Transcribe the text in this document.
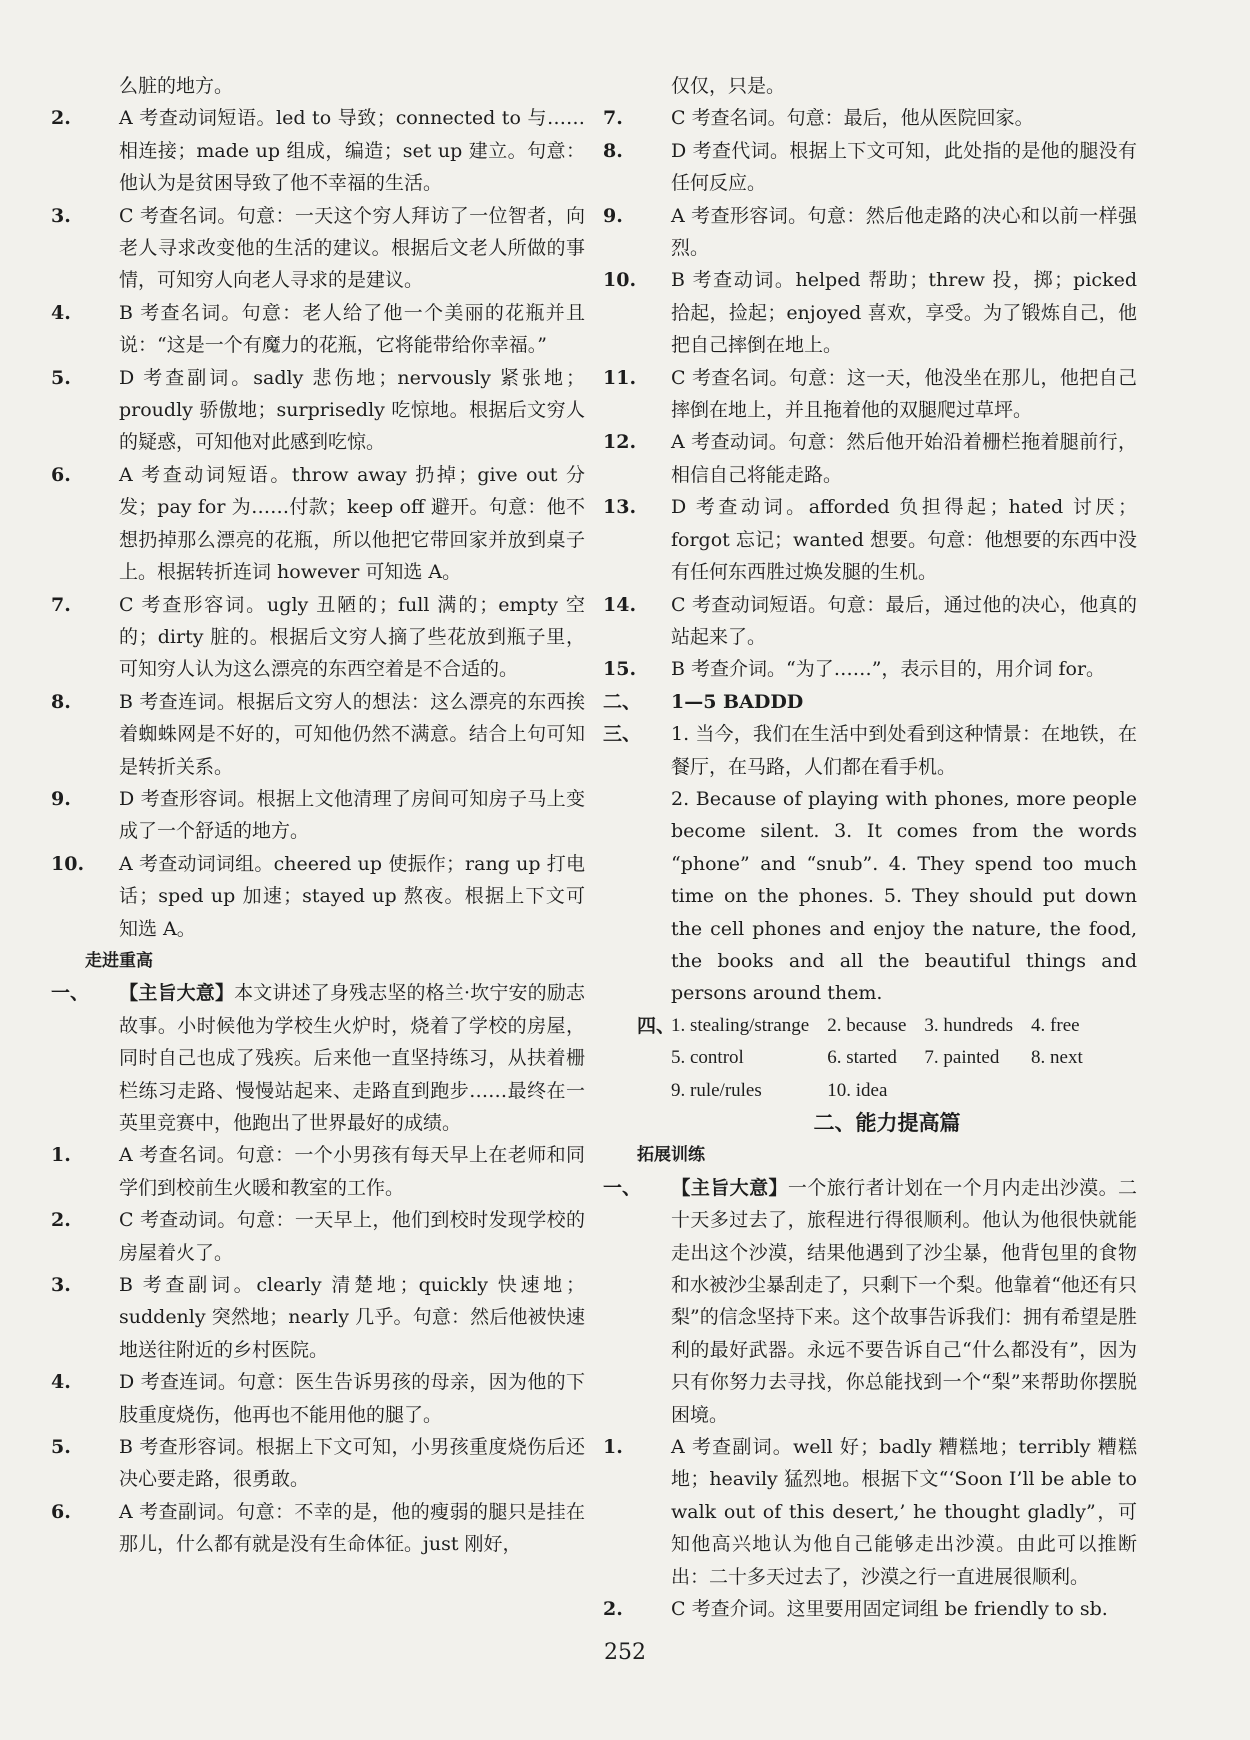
么脏的地方。

2.	A 考查动词短语。led to 导致；connected to 与……相连接；made up 组成，编造；set up 建立。句意：他认为是贫困导致了他不幸福的生活。

3.	C 考查名词。句意：一天这个穷人拜访了一位智者，向老人寻求改变他的生活的建议。根据后文老人所做的事情，可知穷人向老人寻求的是建议。

4.	B 考查名词。句意：老人给了他一个美丽的花瓶并且说：“这是一个有魔力的花瓶，它将能带给你幸福。”

5.	D 考查副词。sadly 悲伤地；nervously 紧张地；proudly 骄傲地；surprisedly 吃惊地。根据后文穷人的疑惑，可知他对此感到吃惊。

6.	A 考查动词短语。throw away 扔掉；give out 分发；pay for 为……付款；keep off 避开。句意：他不想扔掉那么漂亮的花瓶，所以他把它带回家并放到桌子上。根据转折连词 however 可知选 A。

7.	C 考查形容词。ugly 丑陋的；full 满的；empty 空的；dirty 脏的。根据后文穷人摘了些花放到瓶子里，可知穷人认为这么漂亮的东西空着是不合适的。

8.	B 考查连词。根据后文穷人的想法：这么漂亮的东西挨着蜘蛛网是不好的，可知他仍然不满意。结合上句可知是转折关系。

9.	D 考查形容词。根据上文他清理了房间可知房子马上变成了一个舒适的地方。

10. A 考查动词词组。cheered up 使振作；rang up 打电话；sped up 加速；stayed up 熬夜。根据上下文可知选 A。

走进重高

一、 【主旨大意】本文讲述了身残志坚的格兰·坎宁安的励志故事。小时候他为学校生火炉时，烧着了学校的房屋，同时自己也成了残疾。后来他一直坚持练习，从扶着栅栏练习走路、慢慢站起来、走路直到跑步……最终在一英里竞赛中，他跑出了世界最好的成绩。

1.	A 考查名词。句意：一个小男孩有每天早上在老师和同学们到校前生火暖和教室的工作。

2.	C 考查动词。句意：一天早上，他们到校时发现学校的房屋着火了。

3.	B 考查副词。clearly 清楚地；quickly 快速地；suddenly 突然地；nearly 几乎。句意：然后他被快速地送往附近的乡村医院。

4.	D 考查连词。句意：医生告诉男孩的母亲，因为他的下肢重度烧伤，他再也不能用他的腿了。

5.	B 考查形容词。根据上下文可知，小男孩重度烧伤后还决心要走路，很勇敢。

6.	A 考查副词。句意：不幸的是，他的瘦弱的腿只是挂在那儿，什么都有就是没有生命体征。just 刚好，

仅仅，只是。

7.	C 考查名词。句意：最后，他从医院回家。

8.	D 考查代词。根据上下文可知，此处指的是他的腿没有任何反应。

9.	A 考查形容词。句意：然后他走路的决心和以前一样强烈。

10. B 考查动词。helped 帮助；threw 投，掷；picked 拾起，捡起；enjoyed 喜欢，享受。为了锻炼自己，他把自己摔倒在地上。

11. C 考查名词。句意：这一天，他没坐在那儿，他把自己摔倒在地上，并且拖着他的双腿爬过草坪。

12. A 考查动词。句意：然后他开始沿着栅栏拖着腿前行，相信自己将能走路。

13. D 考查动词。afforded 负担得起；hated 讨厌；forgot 忘记；wanted 想要。句意：他想要的东西中没有任何东西胜过焕发腿的生机。

14. C 考查动词短语。句意：最后，通过他的决心，他真的站起来了。

15. B 考查介词。“为了……”，表示目的，用介词 for。

二、 1—5 BADDD

三、 1. 当今，我们在生活中到处看到这种情景：在地铁，在餐厅，在马路，人们都在看手机。

2. Because of playing with phones, more people become silent. 3. It comes from the words “phone” and “snub”. 4. They spend too much time on the phones. 5. They should put down the cell phones and enjoy the nature, the food, the books and all the beautiful things and persons around them.

四、
1. stealing/strange 2. because 3. hundreds 4. free
5. control	6. started	7. painted	8. next
9. rule/rules	10. idea

二、能力提高篇

拓展训练

一、 【主旨大意】一个旅行者计划在一个月内走出沙漠。二十天多过去了，旅程进行得很顺利。他认为他很快就能走出这个沙漠，结果他遇到了沙尘暴，他背包里的食物和水被沙尘暴刮走了，只剩下一个梨。他靠着“他还有只梨”的信念坚持下来。这个故事告诉我们：拥有希望是胜利的最好武器。永远不要告诉自己“什么都没有”，因为只有你努力去寻找，你总能找到一个“梨”来帮助你摆脱困境。

1.	A 考查副词。well 好；badly 糟糕地；terribly 糟糕地；heavily 猛烈地。根据下文“‘Soon I’ll be able to walk out of this desert,’ he thought gladly”，可知他高兴地认为他自己能够走出沙漠。由此可以推断出：二十多天过去了，沙漠之行一直进展很顺利。

2.	C 考查介词。这里要用固定词组 be friendly to sb.

252
